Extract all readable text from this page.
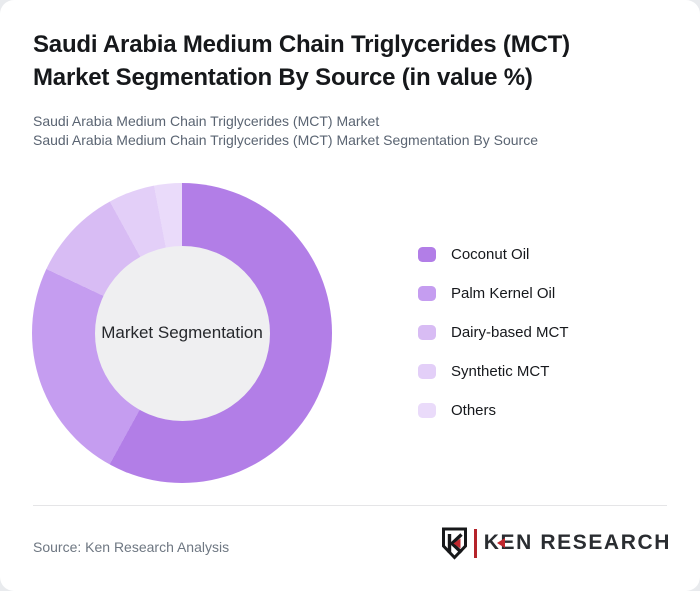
Saudi Arabia Medium Chain Triglycerides (MCT) Market Segmentation By Source (in value %)
Saudi Arabia Medium Chain Triglycerides (MCT) Market
Saudi Arabia Medium Chain Triglycerides (MCT) Market Segmentation By Source
Market Segmentation
Coconut Oil
Palm Kernel Oil
Dairy-based MCT
Synthetic MCT
Others
Source: Ken Research Analysis	KEN RESEARCH
